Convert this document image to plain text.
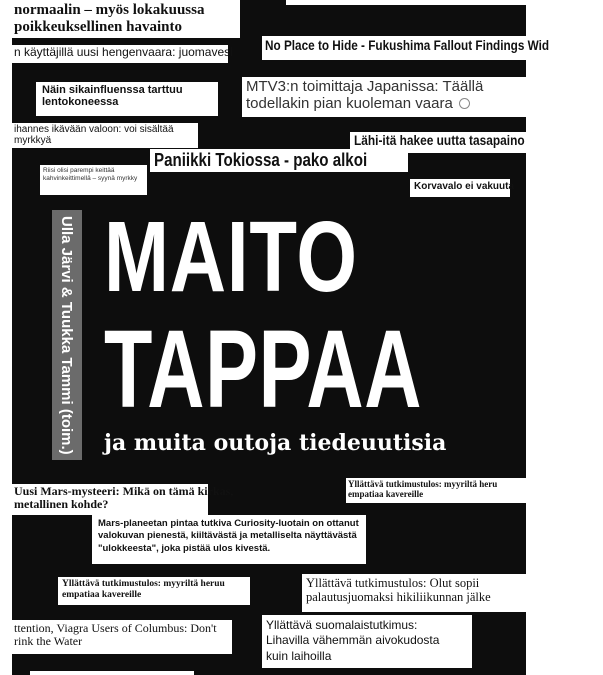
normaalin – myös lokakuussa
poikkeuksellinen havainto
n käyttäjillä uusi hengenvaara: juomavesi No Place to Hide - Fukushima Fallout Findings Wid
Näin sikainfluenssa tarttuu lentokoneessa
MTV3:n toimittaja Japanissa: Täällä
todellakin pian kuoleman vaara
ihannes ikävään valoon: voi sisältää
myrkkyä	Lähi-itä hakee uutta tasapaino
Paniikki Tokiossa - pako alkoi
Riisi olisi parempi keittää kahvinkeittimellä – syynä myrkky
Korvavalo ei vakuuta
Ulla Järvi & Tuukka Tammi (toim.) MAITO
TAPPAA
ja muita outoja tiedeuutisia
Uusi Mars-mysteeri: Mikä on tämä kirkas,
metallinen kohde?
Yllättävä tutkimustulos: myyriltä heru
empatiaa kavereille
Mars-planeetan pintaa tutkiva Curiosity-luotain on ottanut valokuvan pienestä, kiiltävästä ja metalliselta näyttävästä "ulokkeesta", joka pistää ulos kivestä.
Yllättävä tutkimustulos: myyriltä heruu
empatiaa kavereille
Yllättävä tutkimustulos: Olut sopii
palautusjuomaksi hikiliikunnan jälke
ttention, Viagra Users of Columbus: Don't
rink the Water
Yllättävä suomalaistutkimus:
Lihavilla vähemmän aivokudosta
kuin laihoilla
